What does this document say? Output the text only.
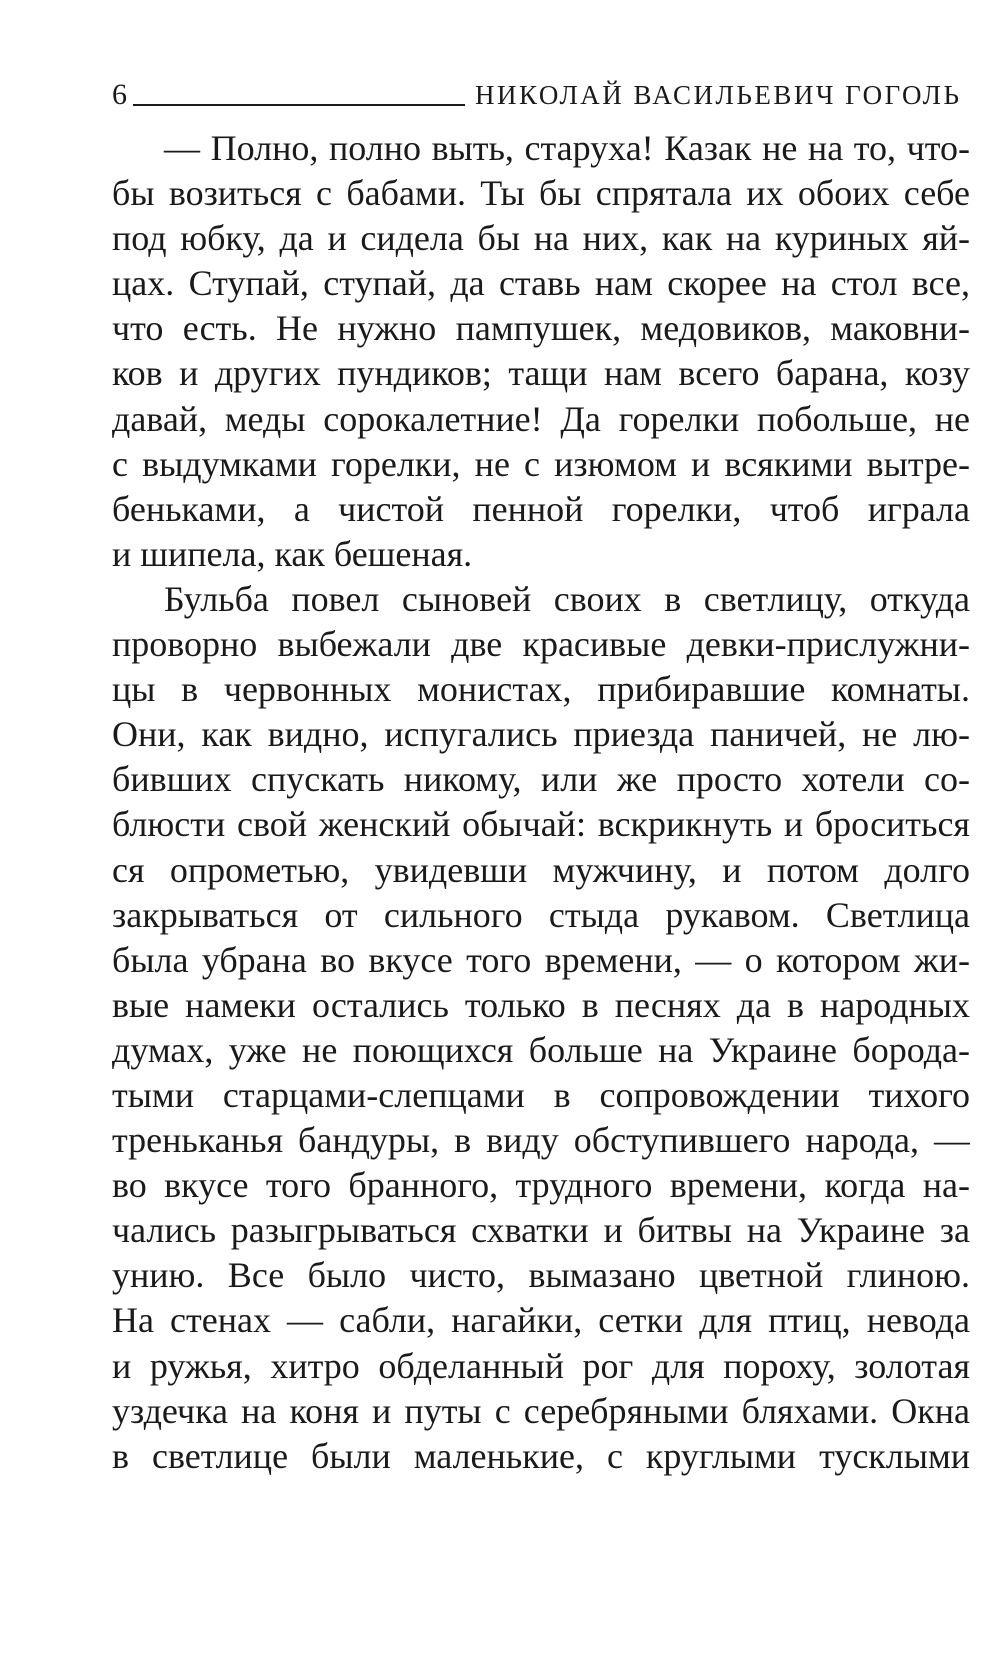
6	НИКОЛАЙ ВАСИЛЬЕВИЧ ГОГОЛЬ
— Полно, полно выть, старуха! Казак не на то, что-
бы возиться с бабами. Ты бы спрятала их обоих себе
под юбку, да и сидела бы на них, как на куриных яй-
цах. Ступай, ступай, да ставь нам скорее на стол все,
что есть. Не нужно пампушек, медовиков, маковни-
ков и других пундиков; тащи нам всего барана, козу
давай, меды сорокалетние! Да горелки побольше, не
с выдумками горелки, не с изюмом и всякими вытре-
беньками, а чистой пенной горелки, чтоб играла
и шипела, как бешеная.
Бульба повел сыновей своих в светлицу, откуда
проворно выбежали две красивые девки-прислужни-
цы в червонных монистах, прибиравшие комнаты.
Они, как видно, испугались приезда паничей, не лю-
бивших спускать никому, или же просто хотели со-
блюсти свой женский обычай: вскрикнуть и броситься
ся опрометью, увидевши мужчину, и потом долго
закрываться от сильного стыда рукавом. Светлица
была убрана во вкусе того времени, — о котором жи-
вые намеки остались только в песнях да в народных
думах, уже не поющихся больше на Украине борода-
тыми старцами-слепцами в сопровождении тихого
треньканья бандуры, в виду обступившего народа, —
во вкусе того бранного, трудного времени, когда на-
чались разыгрываться схватки и битвы на Украине за
унию. Все было чисто, вымазано цветной глиною.
На стенах — сабли, нагайки, сетки для птиц, невода
и ружья, хитро обделанный рог для пороху, золотая
уздечка на коня и путы с серебряными бляхами. Окна
в светлице были маленькие, с круглыми тусклыми
